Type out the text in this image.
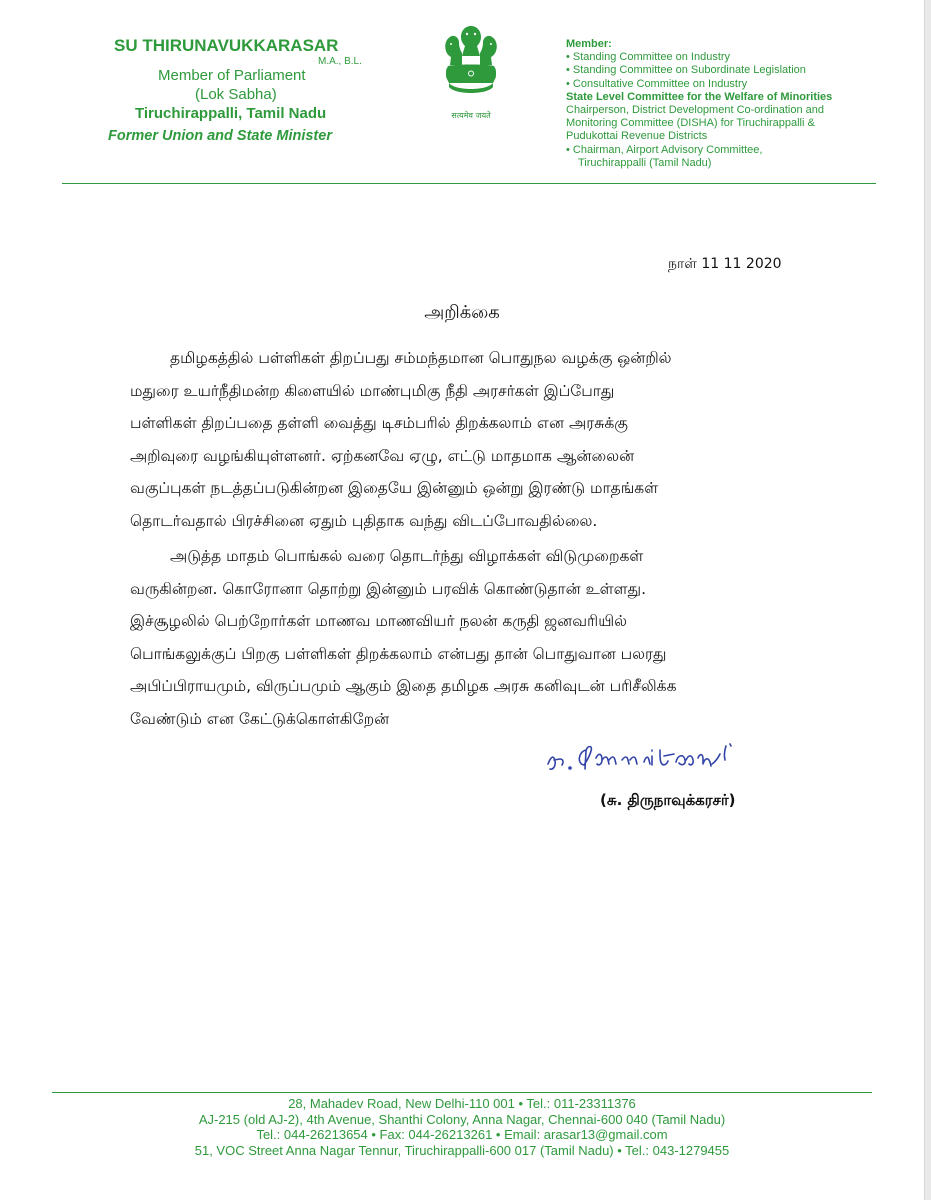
SU THIRUNAVUKKARASAR
M.A., B.L.
Member of Parliament
(Lok Sabha)
Tiruchirappalli, Tamil Nadu
Former Union and State Minister
सत्यमेव जयते
Member:
• Standing Committee on Industry
• Standing Committee on Subordinate Legislation
• Consultative Committee on Industry
State Level Committee for the Welfare of Minorities
Chairperson, District Development Co-ordination and
Monitoring Committee (DISHA) for Tiruchirappalli &
Pudukottai Revenue Districts
• Chairman, Airport Advisory Committee,
Tiruchirappalli (Tamil Nadu)
நாள் 11 11 2020
அறிக்கை
தமிழகத்தில் பள்ளிகள் திறப்பது சம்மந்தமான பொதுநல வழக்கு ஒன்றில்
மதுரை உயர்நீதிமன்ற கிளையில் மாண்புமிகு நீதி அரசர்கள் இப்போது
பள்ளிகள் திறப்பதை தள்ளி வைத்து டிசம்பரில் திறக்கலாம் என அரசுக்கு
அறிவுரை வழங்கியுள்ளனர். ஏற்கனவே ஏழு, எட்டு மாதமாக ஆன்லைன்
வகுப்புகள் நடத்தப்படுகின்றன இதையே இன்னும் ஒன்று இரண்டு மாதங்கள்
தொடர்வதால் பிரச்சினை ஏதும் புதிதாக வந்து விடப்போவதில்லை.
அடுத்த மாதம் பொங்கல் வரை தொடர்ந்து விழாக்கள் விடுமுறைகள்
வருகின்றன. கொரோனா தொற்று இன்னும் பரவிக் கொண்டுதான் உள்ளது.
இச்சூழலில் பெற்றோர்கள் மாணவ மாணவியர் நலன் கருதி ஜனவரியில்
பொங்கலுக்குப் பிறகு பள்ளிகள் திறக்கலாம் என்பது தான் பொதுவான பலரது
அபிப்பிராயமும், விருப்பமும் ஆகும் இதை தமிழக அரசு கனிவுடன் பரிசீலிக்க
வேண்டும் என கேட்டுக்கொள்கிறேன்
(சு. திருநாவுக்கரசர்)
28, Mahadev Road, New Delhi-110 001 • Tel.: 011-23311376
AJ-215 (old AJ-2), 4th Avenue, Shanthi Colony, Anna Nagar, Chennai-600 040 (Tamil Nadu)
Tel.: 044-26213654 • Fax: 044-26213261 • Email: arasar13@gmail.com
51, VOC Street Anna Nagar Tennur, Tiruchirappalli-600 017 (Tamil Nadu) • Tel.: 043-1279455
